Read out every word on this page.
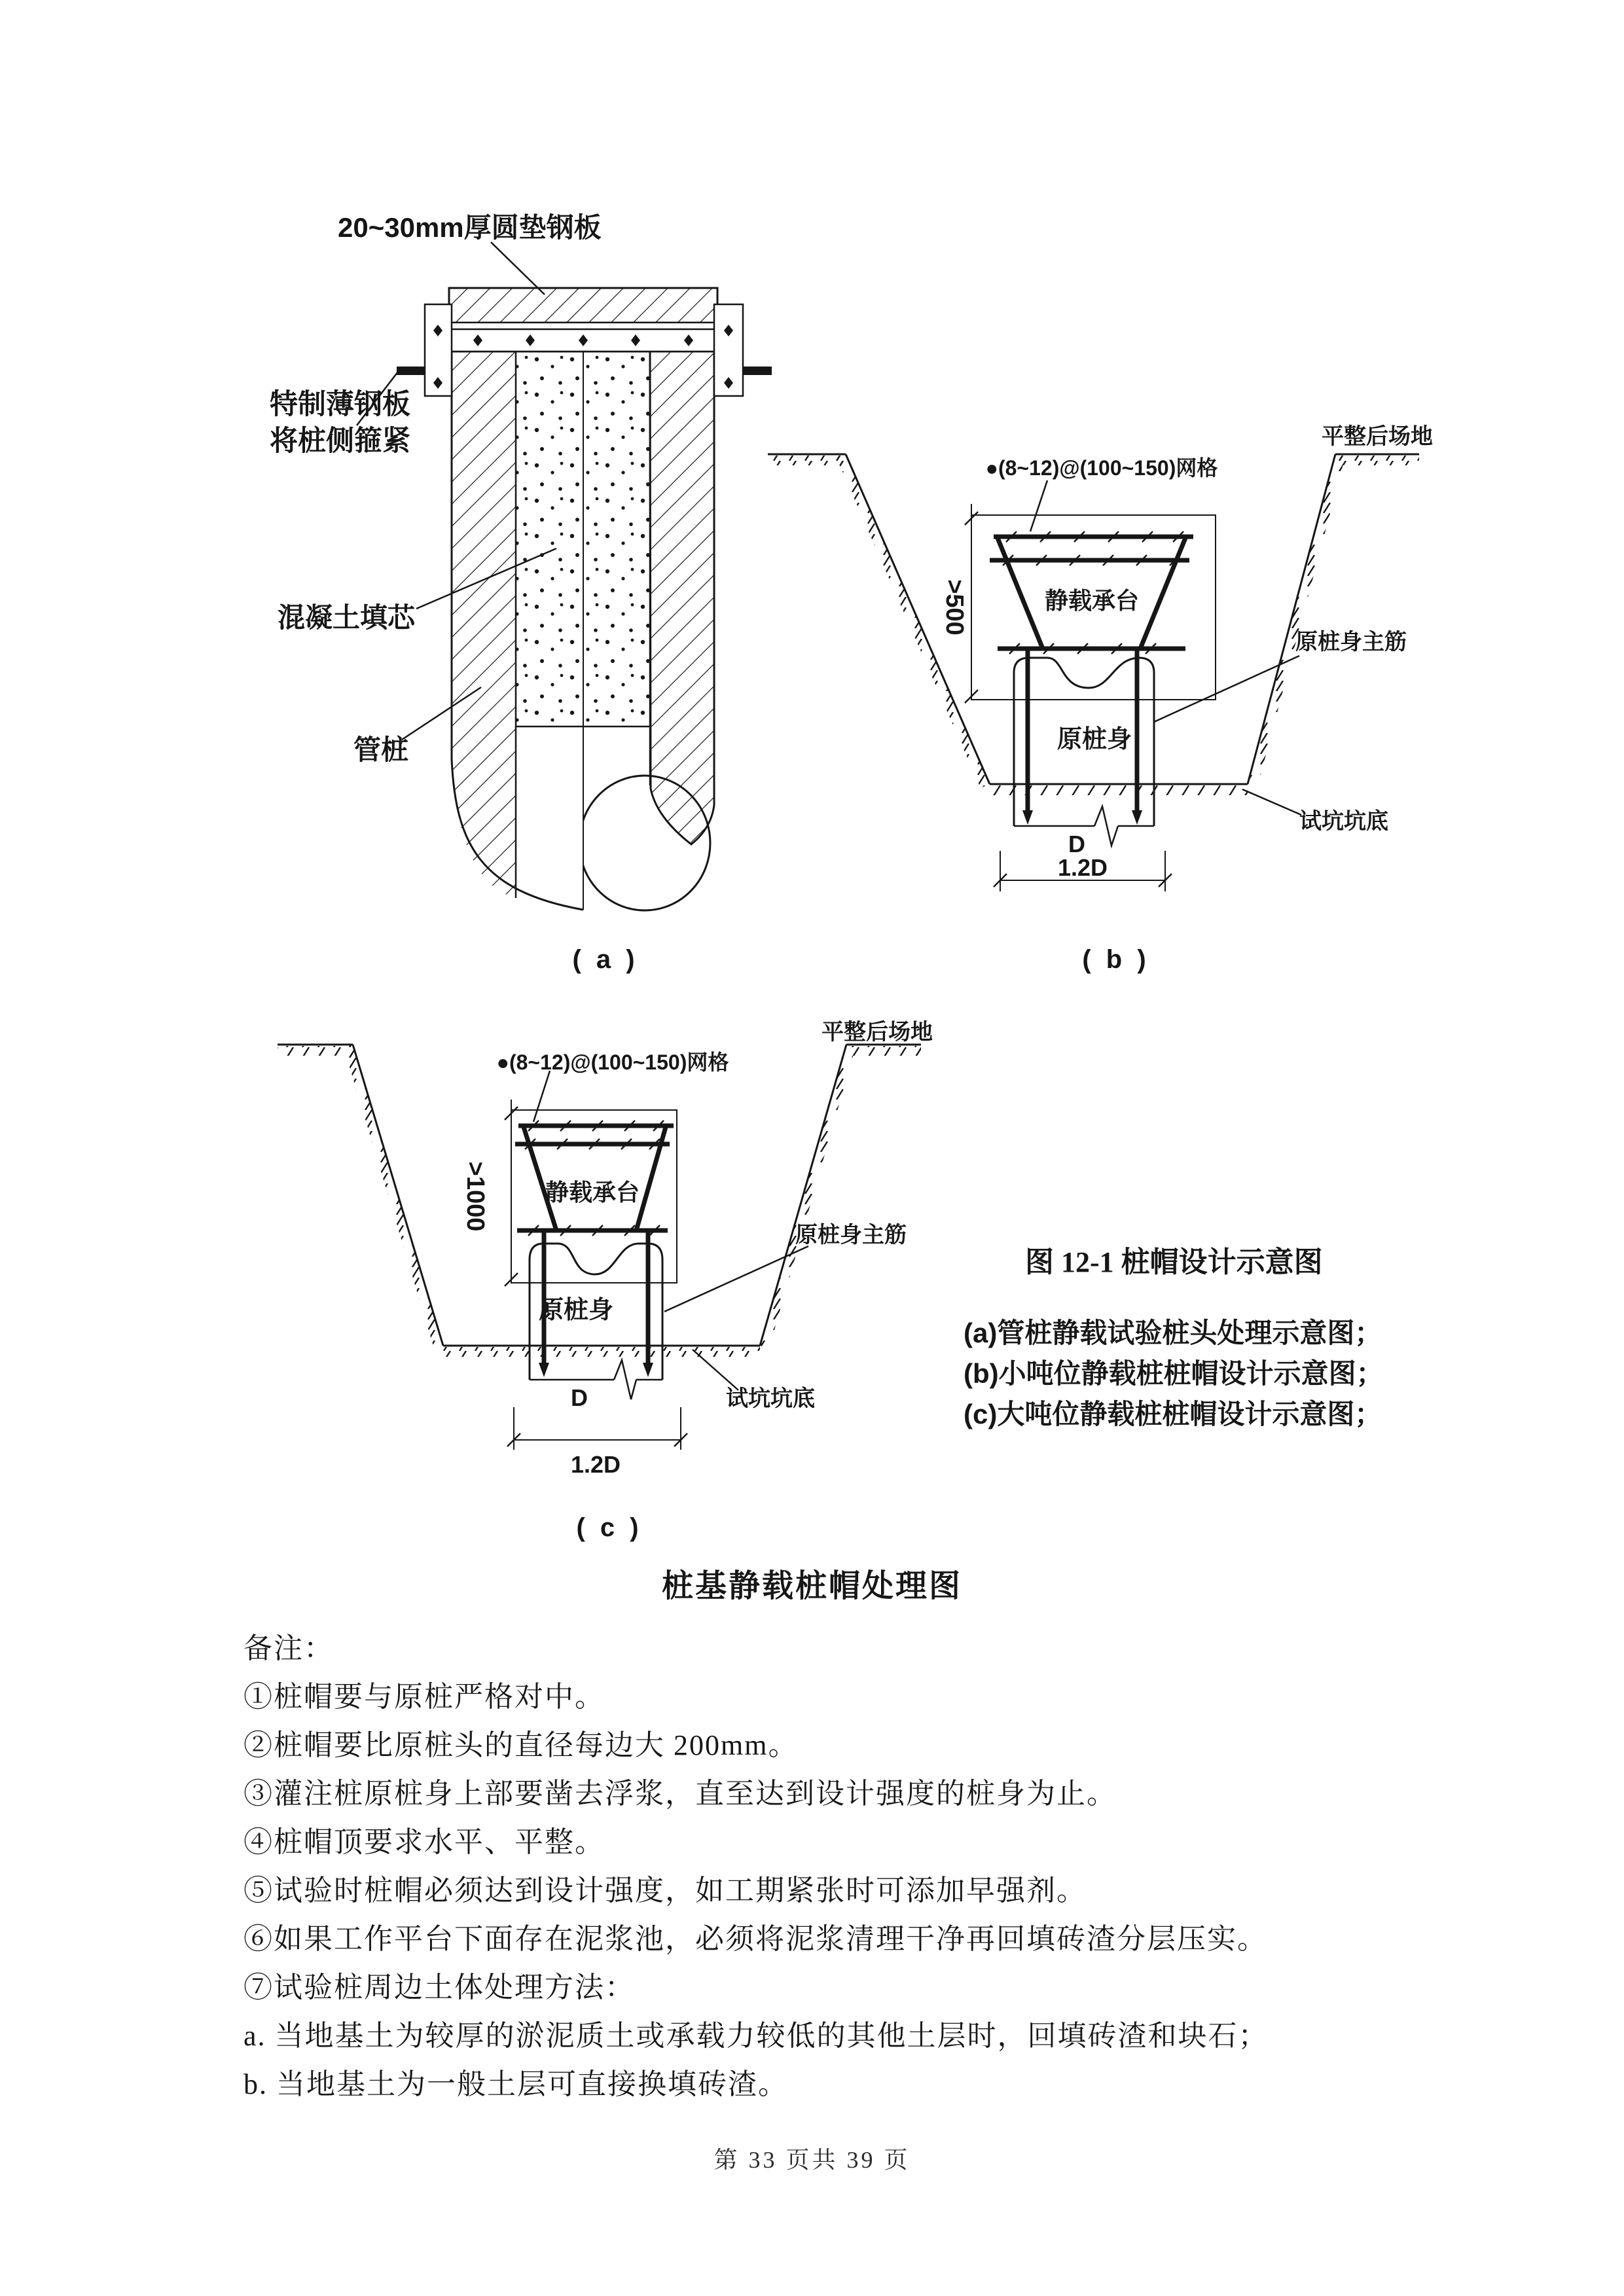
20~30mm厚圆垫钢板
特制薄钢板
将桩侧箍紧
混凝土填芯
管桩
平整后场地
●(8~12)@(100~150)网格
>500	静载承台
原桩身
原桩身主筋
试坑坑底
D
1.2D
平整后场地
●(8~12)@(100~150)网格
>1000 静载承台
原桩身
原桩身主筋
试坑坑底
D
1.2D
( a )	( b )
( c )
图 12-1 桩帽设计示意图
(a)管桩静载试验桩头处理示意图；
(b)小吨位静载桩桩帽设计示意图；
(c)大吨位静载桩桩帽设计示意图；
桩基静载桩帽处理图
备注：
①桩帽要与原桩严格对中。
②桩帽要比原桩头的直径每边大 200mm。
③灌注桩原桩身上部要凿去浮浆，直至达到设计强度的桩身为止。
④桩帽顶要求水平、平整。
⑤试验时桩帽必须达到设计强度，如工期紧张时可添加早强剂。
⑥如果工作平台下面存在泥浆池，必须将泥浆清理干净再回填砖渣分层压实。
⑦试验桩周边土体处理方法：
a. 当地基土为较厚的淤泥质土或承载力较低的其他土层时，回填砖渣和块石；
b. 当地基土为一般土层可直接换填砖渣。
第 33 页共 39 页
